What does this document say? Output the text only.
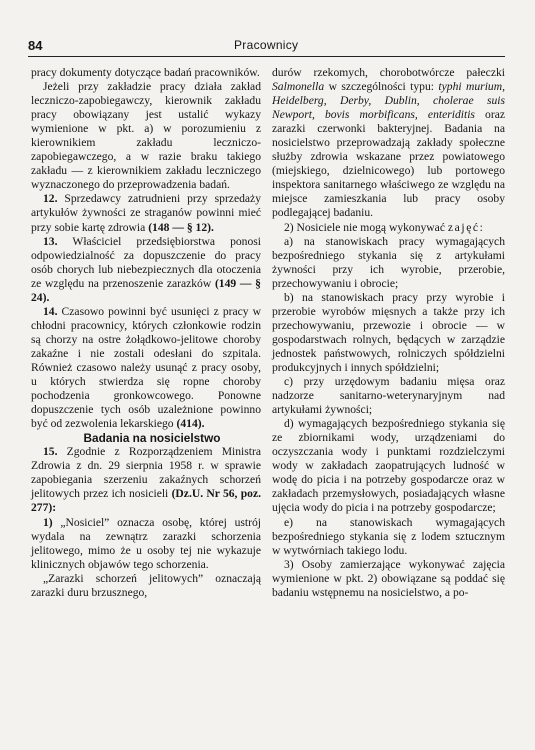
84	Pracownicy

pracy dokumenty dotyczące badań pracowników.

Jeżeli przy zakładzie pracy działa zakład leczniczo-zapobiegawczy, kierownik zakładu pracy obowiązany jest ustalić wykazy wymienione w pkt. a) w porozumieniu z kierownikiem zakładu leczniczo-zapobiegawczego, a w razie braku takiego zakładu — z kierownikiem zakładu leczniczego wyznaczonego do przeprowadzenia badań.

12. Sprzedawcy zatrudnieni przy sprzedaży artykułów żywności ze straganów powinni mieć przy sobie kartę zdrowia (148 — § 12).

13. Właściciel przedsiębiorstwa ponosi odpowiedzialność za dopuszczenie do pracy osób chorych lub niebezpiecznych dla otoczenia ze względu na przenoszenie zarazków (149 — § 24).

14. Czasowo powinni być usunięci z pracy w chłodni pracownicy, których członkowie rodzin są chorzy na ostre żołądkowo-jelitowe choroby zakaźne i nie zostali odesłani do szpitala. Również czasowo należy usunąć z pracy osoby, u których stwierdza się ropne choroby pochodzenia gronkowcowego. Ponowne dopuszczenie tych osób uzależnione powinno być od zezwolenia lekarskiego (414).

Badania na nosicielstwo

15. Zgodnie z Rozporządzeniem Ministra Zdrowia z dn. 29 sierpnia 1958 r. w sprawie zapobiegania szerzeniu zakaźnych schorzeń jelitowych przez ich nosicieli (Dz.U. Nr 56, poz. 277):

1) „Nosiciel” oznacza osobę, której ustrój wydala na zewnątrz zarazki schorzenia jelitowego, mimo że u osoby tej nie wykazuje klinicznych objawów tego schorzenia.

„Zarazki schorzeń jelitowych” oznaczają zarazki duru brzusznego,

durów rzekomych, chorobotwórcze pałeczki Salmonella w szczególności typu: typhi murium, Heidelberg, Derby, Dublin, cholerae suis Newport, bovis morbificans, enteriditis oraz zarazki czerwonki bakteryjnej. Badania na nosicielstwo przeprowadzają zakłady społeczne służby zdrowia wskazane przez powiatowego (miejskiego, dzielnicowego) lub portowego inspektora sanitarnego właściwego ze względu na miejsce zamieszkania lub pracy osoby podlegającej badaniu.

2) Nosiciele nie mogą wykonywać zajęć:

a) na stanowiskach pracy wymagających bezpośredniego stykania się z artykułami żywności przy ich wyrobie, przerobie, przechowywaniu i obrocie;

b) na stanowiskach pracy przy wyrobie i przerobie wyrobów mięsnych a także przy ich przechowywaniu, przewozie i obrocie — w gospodarstwach rolnych, będących w zarządzie jednostek państwowych, rolniczych spółdzielni produkcyjnych i innych spółdzielni;

c) przy urzędowym badaniu mięsa oraz nadzorze sanitarno-weterynaryjnym nad artykułami żywności;

d) wymagających bezpośredniego stykania się ze zbiornikami wody, urządzeniami do oczyszczania wody i punktami rozdzielczymi wody w zakładach zaopatrujących ludność w wodę do picia i na potrzeby gospodarcze oraz w zakładach przemysłowych, posiadających własne ujęcia wody do picia i na potrzeby gospodarcze;

e) na stanowiskach wymagających bezpośredniego stykania się z lodem sztucznym w wytwórniach takiego lodu.

3) Osoby zamierzające wykonywać zajęcia wymienione w pkt. 2) obowiązane są poddać się badaniu wstępnemu na nosicielstwo, a po-
